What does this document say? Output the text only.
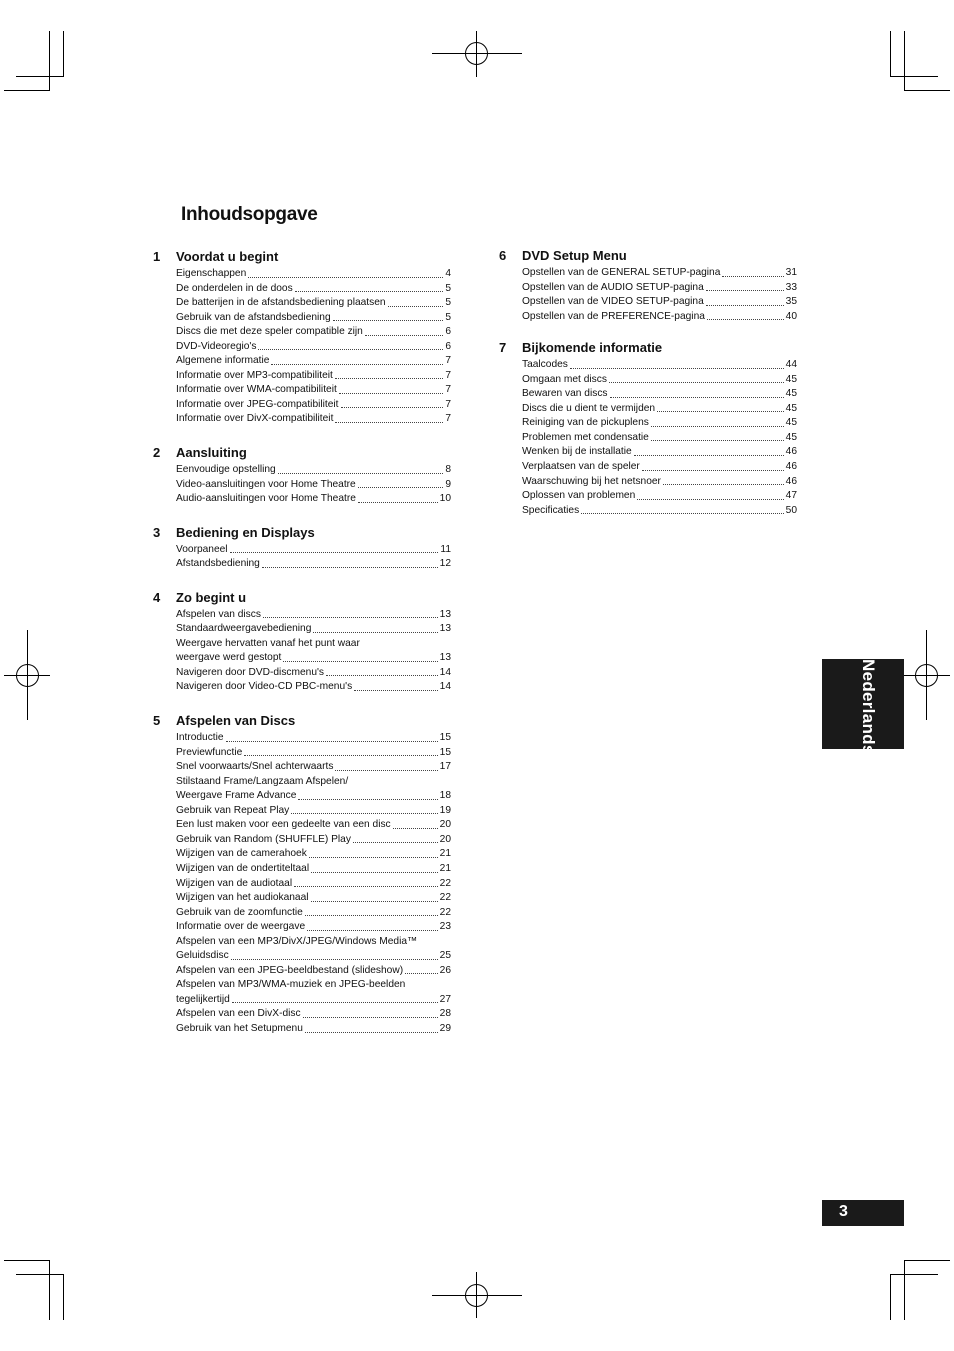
Inhoudsopgave
1	Voordat u begint
Eigenschappen	4
De onderdelen in de doos	5
De batterijen in de afstandsbediening plaatsen	5
Gebruik van de afstandsbediening	5
Discs die met deze speler compatible zijn	6
DVD-Videoregio's	6
Algemene informatie	7
Informatie over MP3-compatibiliteit	7
Informatie over WMA-compatibiliteit	7
Informatie over JPEG-compatibiliteit	7
Informatie over DivX-compatibiliteit	7
2	Aansluiting
Eenvoudige opstelling	8
Video-aansluitingen voor Home Theatre	9
Audio-aansluitingen voor Home Theatre	10
3	Bediening en Displays
Voorpaneel	11
Afstandsbediening	12
4	Zo begint u
Afspelen van discs	13
Standaardweergavebediening	13
Weergave hervatten vanaf het punt waar
weergave werd gestopt	13
Navigeren door DVD-discmenu's	14
Navigeren door Video-CD PBC-menu's	14
5	Afspelen van Discs
Introductie	15
Previewfunctie	15
Snel voorwaarts/Snel achterwaarts	17
Stilstaand Frame/Langzaam Afspelen/
Weergave Frame Advance	18
Gebruik van Repeat Play	19
Een lust maken voor een gedeelte van een disc	20
Gebruik van Random (SHUFFLE) Play	20
Wijzigen van de camerahoek	21
Wijzigen van de ondertiteltaal	21
Wijzigen van de audiotaal	22
Wijzigen van het audiokanaal	22
Gebruik van de zoomfunctie	22
Informatie over de weergave	23
Afspelen van een MP3/DivX/JPEG/Windows Media™
Geluidsdisc	25
Afspelen van een JPEG-beeldbestand (slideshow)	26
Afspelen van MP3/WMA-muziek en JPEG-beelden
tegelijkertijd	27
Afspelen van een DivX-disc	28
Gebruik van het Setupmenu	29
6	DVD Setup Menu
Opstellen van de GENERAL SETUP-pagina	31
Opstellen van de AUDIO SETUP-pagina	33
Opstellen van de VIDEO SETUP-pagina	35
Opstellen van de PREFERENCE-pagina	40
7	Bijkomende informatie
Taalcodes	44
Omgaan met discs	45
Bewaren van discs	45
Discs die u dient te vermijden	45
Reiniging van de pickuplens	45
Problemen met condensatie	45
Wenken bij de installatie	46
Verplaatsen van de speler	46
Waarschuwing bij het netsnoer	46
Oplossen van problemen	47
Specificaties	50
Nederlands
3
